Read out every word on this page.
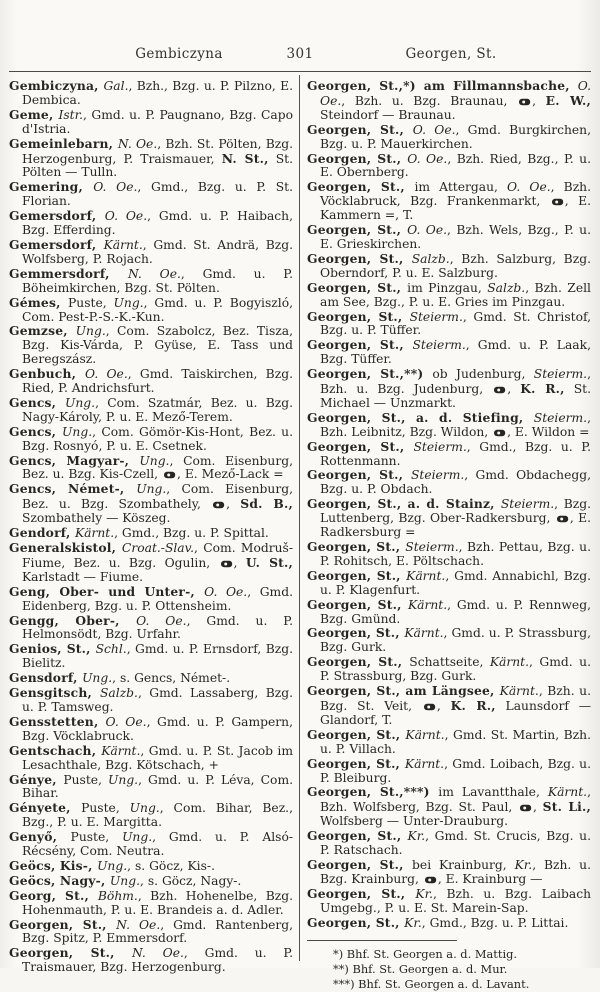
Gembiczyna	301	Georgen, St.

Gembiczyna, Gal., Bzh., Bzg. u. P. Pilzno, E. Dembica.

Geme, Istr., Gmd. u. P. Paugnano, Bzg. Capo d'Istria.

Gemeinlebarn, N. Oe., Bzh. St. Pölten, Bzg. Herzogenburg, P. Traismauer, N. St., St. Pölten — Tulln.

Gemering, O. Oe., Gmd., Bzg. u. P. St. Florian.

Gemersdorf, O. Oe., Gmd. u. P. Haibach, Bzg. Efferding.

Gemersdorf, Kärnt., Gmd. St. Andrä, Bzg. Wolfsberg, P. Rojach.

Gemmersdorf, N. Oe., Gmd. u. P. Böheimkirchen, Bzg. St. Pölten.

Gémes, Puste, Ung., Gmd. u. P. Bogyiszló, Com. Pest-P.-S.-K.-Kun.

Gemzse, Ung., Com. Szabolcz, Bez. Tisza, Bzg. Kis-Várda, P. Gyüse, E. Tass und Beregszász.

Genbuch, O. Oe., Gmd. Taiskirchen, Bzg. Ried, P. Andrichsfurt.

Gencs, Ung., Com. Szatmár, Bez. u. Bzg. Nagy-Károly, P. u. E. Mező-Terem.

Gencs, Ung., Com. Gömör-Kis-Hont, Bez. u. Bzg. Rosnyó, P. u. E. Csetnek.

Gencs, Magyar-, Ung., Com. Eisenburg, Bez. u. Bzg. Kis-Czell, , E. Mező-Lack =

Gencs, Német-, Ung., Com. Eisenburg, Bez. u. Bzg. Szombathely, , Sd. B., Szombathely — Köszeg.

Gendorf, Kärnt., Gmd., Bzg. u. P. Spittal.

Generalskistol, Croat.-Slav., Com. Modruš-Fiume, Bez. u. Bzg. Ogulin, , U. St., Karlstadt — Fiume.

Geng, Ober- und Unter-, O. Oe., Gmd. Eidenberg, Bzg. u. P. Ottensheim.

Gengg, Ober-, O. Oe., Gmd. u. P. Helmonsödt, Bzg. Urfahr.

Genios, St., Schl., Gmd. u. P. Ernsdorf, Bzg. Bielitz.

Gensdorf, Ung., s. Gencs, Német-.

Gensgitsch, Salzb., Gmd. Lassaberg, Bzg. u. P. Tamsweg.

Gensstetten, O. Oe., Gmd. u. P. Gampern, Bzg. Vöcklabruck.

Gentschach, Kärnt., Gmd. u. P. St. Jacob im Lesachthale, Bzg. Kötschach, +

Génye, Puste, Ung., Gmd. u. P. Léva, Com. Bihar.

Gényete, Puste, Ung., Com. Bihar, Bez., Bzg., P. u. E. Margitta.

Genyő, Puste, Ung., Gmd. u. P. Alsó-Récsény, Com. Neutra.

Geöcs, Kis-, Ung., s. Göcz, Kis-.

Geöcs, Nagy-, Ung., s. Göcz, Nagy-.

Georg, St., Böhm., Bzh. Hohenelbe, Bzg. Hohenmauth, P. u. E. Brandeis a. d. Adler.

Georgen, St., N. Oe., Gmd. Rantenberg, Bzg. Spitz, P. Emmersdorf.

Georgen, St., N. Oe., Gmd. u. P. Traismauer, Bzg. Herzogenburg.

Georgen, St.,*) am Fillmannsbache, O. Oe., Bzh. u. Bzg. Braunau, , E. W., Steindorf — Braunau.

Georgen, St., O. Oe., Gmd. Burgkirchen, Bzg. u. P. Mauerkirchen.

Georgen, St., O. Oe., Bzh. Ried, Bzg., P. u. E. Obernberg.

Georgen, St., im Attergau, O. Oe., Bzh. Vöcklabruck, Bzg. Frankenmarkt, , E. Kammern =, T.

Georgen, St., O. Oe., Bzh. Wels, Bzg., P. u. E. Grieskirchen.

Georgen, St., Salzb., Bzh. Salzburg, Bzg. Oberndorf, P. u. E. Salzburg.

Georgen, St., im Pinzgau, Salzb., Bzh. Zell am See, Bzg., P. u. E. Gries im Pinzgau.

Georgen, St., Steierm., Gmd. St. Christof, Bzg. u. P. Tüffer.

Georgen, St., Steierm., Gmd. u. P. Laak, Bzg. Tüffer.

Georgen, St.,**) ob Judenburg, Steierm., Bzh. u. Bzg. Judenburg, , K. R., St. Michael — Unzmarkt.

Georgen, St., a. d. Stiefing, Steierm., Bzh. Leibnitz, Bzg. Wildon, , E. Wildon =

Georgen, St., Steierm., Gmd., Bzg. u. P. Rottenmann.

Georgen, St., Steierm., Gmd. Obdachegg, Bzg. u. P. Obdach.

Georgen, St., a. d. Stainz, Steierm., Bzg. Luttenberg, Bzg. Ober-Radkersburg, , E. Radkersburg =

Georgen, St., Steierm., Bzh. Pettau, Bzg. u. P. Rohitsch, E. Pöltschach.

Georgen, St., Kärnt., Gmd. Annabichl, Bzg. u. P. Klagenfurt.

Georgen, St., Kärnt., Gmd. u. P. Rennweg, Bzg. Gmünd.

Georgen, St., Kärnt., Gmd. u. P. Strassburg, Bzg. Gurk.

Georgen, St., Schattseite, Kärnt., Gmd. u. P. Strassburg, Bzg. Gurk.

Georgen, St., am Längsee, Kärnt., Bzh. u. Bzg. St. Veit, , K. R., Launsdorf — Glandorf, T.

Georgen, St., Kärnt., Gmd. St. Martin, Bzh. u. P. Villach.

Georgen, St., Kärnt., Gmd. Loibach, Bzg. u. P. Bleiburg.

Georgen, St.,***) im Lavantthale, Kärnt., Bzh. Wolfsberg, Bzg. St. Paul, , St. Li., Wolfsberg — Unter-Drauburg.

Georgen, St., Kr., Gmd. St. Crucis, Bzg. u. P. Ratschach.

Georgen, St., bei Krainburg, Kr., Bzh. u. Bzg. Krainburg, , E. Krainburg —

Georgen, St., Kr., Bzh. u. Bzg. Laibach Umgebg., P. u. E. St. Marein-Sap.

Georgen, St., Kr., Gmd., Bzg. u. P. Littai.

*) Bhf. St. Georgen a. d. Mattig.
**) Bhf. St. Georgen a. d. Mur.
***) Bhf. St. Georgen a. d. Lavant.
